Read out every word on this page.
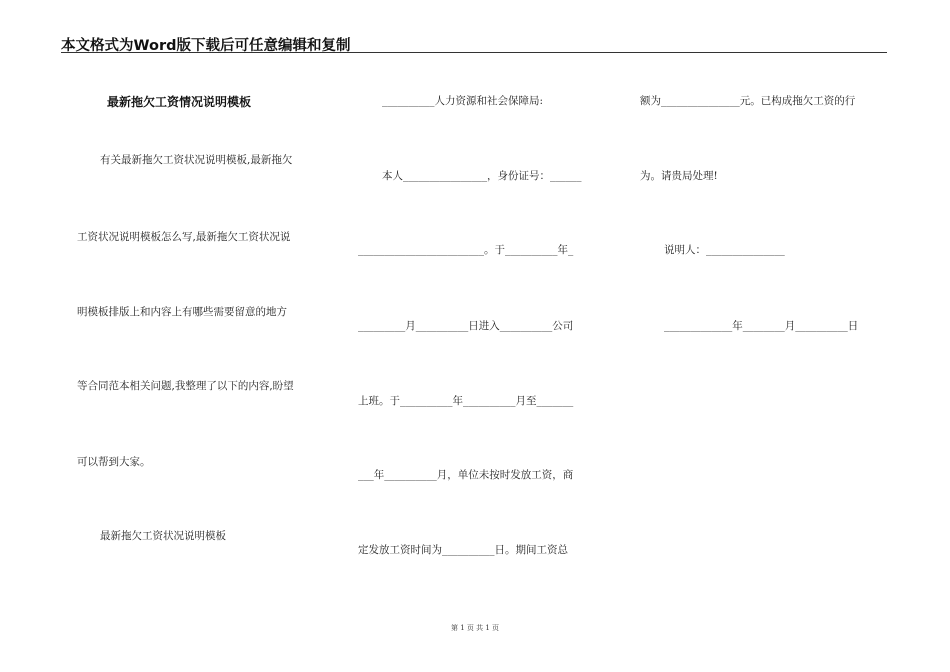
本文格式为Word版下载后可任意编辑和复制
最新拖欠工资情况说明模板
有关最新拖欠工资状况说明模板,最新拖欠
工资状况说明模板怎么写,最新拖欠工资状况说
明模板排版上和内容上有哪些需要留意的地方
等合同范本相关问题,我整理了以下的内容,盼望
可以帮到大家。
最新拖欠工资状况说明模板
__________人力资源和社会保障局:
本人________________，身份证号：______
________________________。于__________年_
_________月__________日进入__________公司
上班。于__________年__________月至_______
___年__________月，单位未按时发放工资，商
定发放工资时间为__________日。期间工资总
额为_______________元。已构成拖欠工资的行
为。请贵局处理!
说明人：_______________
_____________年________月__________日
第 1 页 共 1 页
